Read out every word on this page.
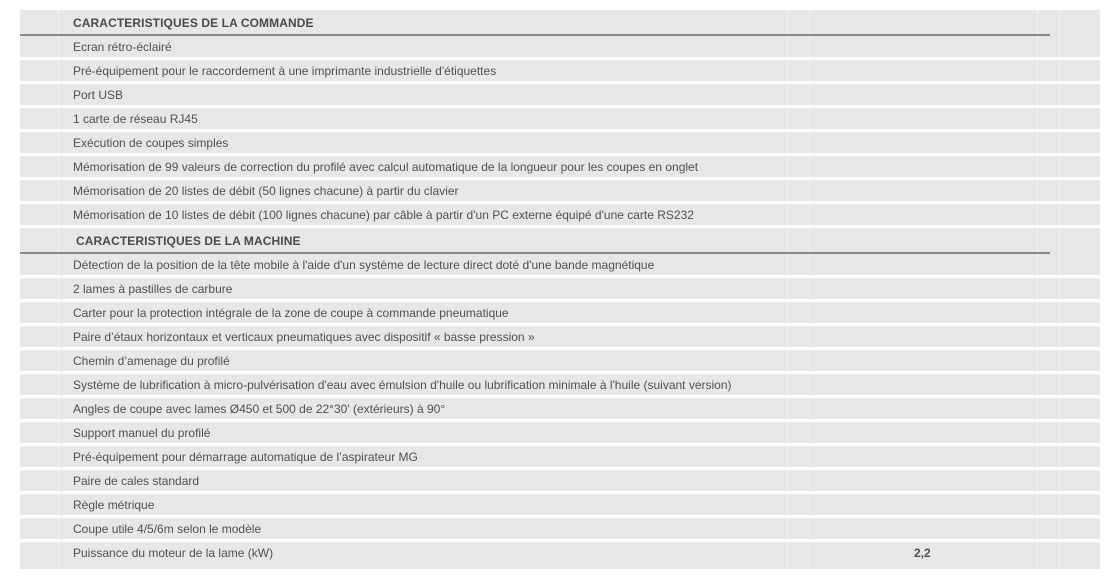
CARACTERISTIQUES DE LA COMMANDE
Ecran rétro-éclairé
Pré-équipement pour le raccordement à une imprimante industrielle d'étiquettes
Port USB
1 carte de réseau RJ45
Exécution de coupes simples
Mémorisation de 99 valeurs de correction du profilé avec calcul automatique de la longueur pour les coupes en onglet
Mémorisation de 20 listes de débit (50 lignes chacune) à partir du clavier
Mémorisation de 10 listes de débit (100 lignes chacune) par câble à partir d'un PC externe équipé d'une carte RS232
CARACTERISTIQUES DE LA MACHINE
Détection de la position de la tête mobile à l'aide d'un système de lecture direct doté d'une bande magnétique
2 lames à pastilles de carbure
Carter pour la protection intégrale de la zone de coupe à commande pneumatique
Paire d’étaux horizontaux et verticaux pneumatiques avec dispositif « basse pression »
Chemin d’amenage du profilé
Système de lubrification à micro-pulvérisation d'eau avec émulsion d'huile ou lubrification minimale à l'huile (suivant version)
Angles de coupe avec lames Ø450 et 500 de 22°30' (extérieurs) à 90°
Support manuel du profilé
Pré-équipement pour démarrage automatique de l’aspirateur MG
Paire de cales standard
Règle métrique
Coupe utile 4/5/6m selon le modèle
Puissance du moteur de la lame (kW)	2,2
